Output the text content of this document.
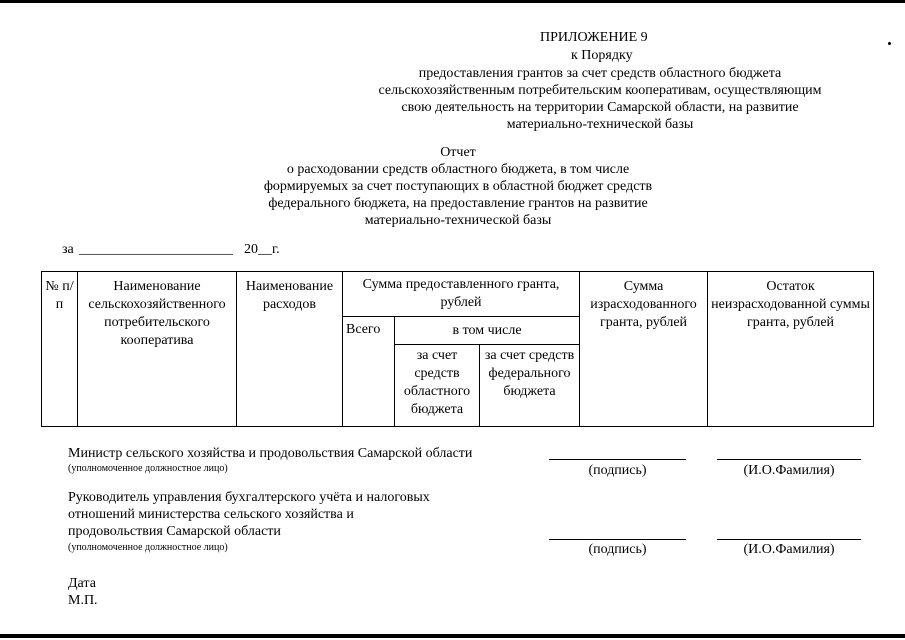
ПРИЛОЖЕНИЕ 9
к Порядку
предоставления грантов за счет средств областного бюджета
сельскохозяйственным потребительским кооперативам, осуществляющим
свою деятельность на территории Самарской области, на развитие
материально-технической базы
Отчет
о расходовании средств областного бюджета, в том числе
формируемых за счет поступающих в областной бюджет средств
федерального бюджета, на предоставление грантов на развитие
материально-технической базы
за ______________________ 20__г.
№ п/п	Наименование сельскохозяйственного потребительского кооператива	Наименование расходов	Сумма предоставленного гранта, рублей			Сумма израсходованного гранта, рублей	Остаток неизрасходованной суммы гранта, рублей
			Всего	в том числе			
				за счет средств областного бюджета	за счет средств федерального бюджета		
Министр сельского хозяйства и продовольствия Самарской области
(уполномоченное должностное лицо)	(подпись)	(И.О.Фамилия)
Руководитель управления бухгалтерского учёта и налоговых
отношений министерства сельского хозяйства и
продовольствия Самарской области
(уполномоченное должностное лицо)	(подпись)	(И.О.Фамилия)
Дата
М.П.
